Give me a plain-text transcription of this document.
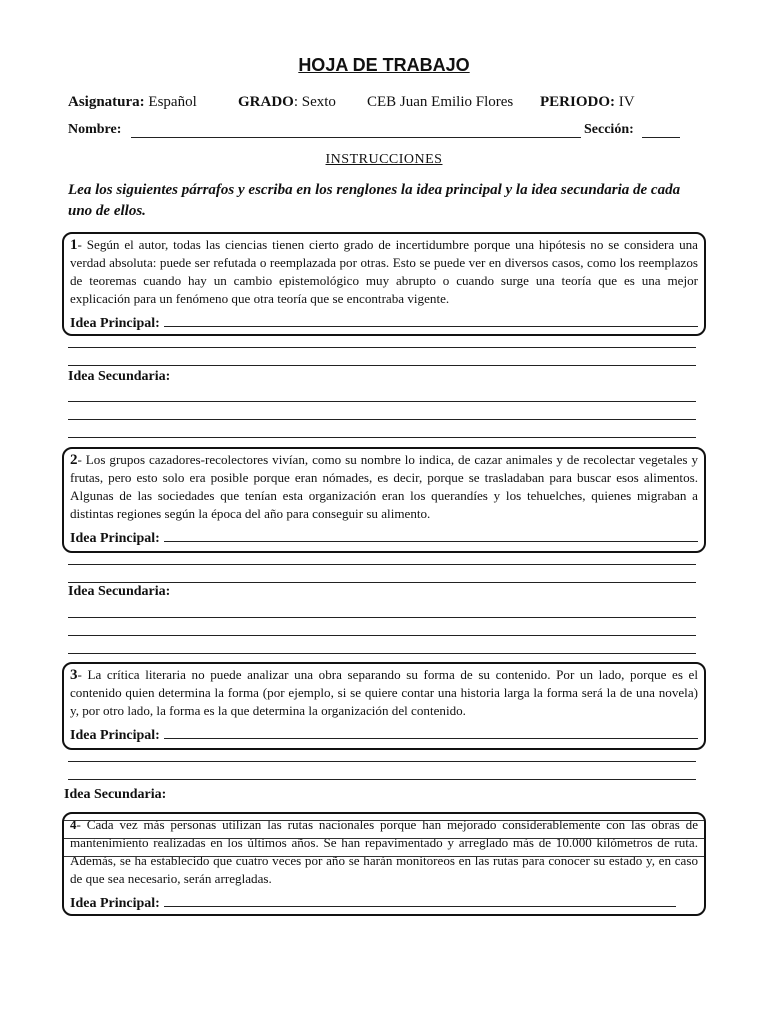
HOJA DE TRABAJO
Asignatura: Español	GRADO: Sexto CEB Juan Emilio Flores PERIODO: IV
Nombre:	Sección:
INSTRUCCIONES
Lea los siguientes párrafos y escriba en los renglones la idea principal y la idea secundaria de cada uno de ellos.

1- Según el autor, todas las ciencias tienen cierto grado de incertidumbre porque una hipótesis no se considera una verdad absoluta: puede ser refutada o reemplazada por otras. Esto se puede ver en diversos casos, como los reemplazos de teoremas cuando hay un cambio epistemológico muy abrupto o cuando surge una teoría que es una mejor explicación para un fenómeno que otra teoría que se encontraba vigente.

Idea Principal:
Idea Secundaria:

2- Los grupos cazadores-recolectores vivían, como su nombre lo indica, de cazar animales y de recolectar vegetales y frutas, pero esto solo era posible porque eran nómades, es decir, porque se trasladaban para buscar esos alimentos. Algunas de las sociedades que tenían esta organización eran los querandíes y los tehuelches, quienes migraban a distintas regiones según la época del año para conseguir su alimento.

Idea Principal:
Idea Secundaria:

3- La crítica literaria no puede analizar una obra separando su forma de su contenido. Por un lado, porque es el contenido quien determina la forma (por ejemplo, si se quiere contar una historia larga la forma será la de una novela) y, por otro lado, la forma es la que determina la organización del contenido.

Idea Principal:
Idea Secundaria:

4- Cada vez más personas utilizan las rutas nacionales porque han mejorado considerablemente con las obras de mantenimiento realizadas en los últimos años. Se han repavimentado y arreglado más de 10.000 kilómetros de ruta. Además, se ha establecido que cuatro veces por año se harán monitoreos en las rutas para conocer su estado y, en caso de que sea necesario, serán arregladas.

Idea Principal:
